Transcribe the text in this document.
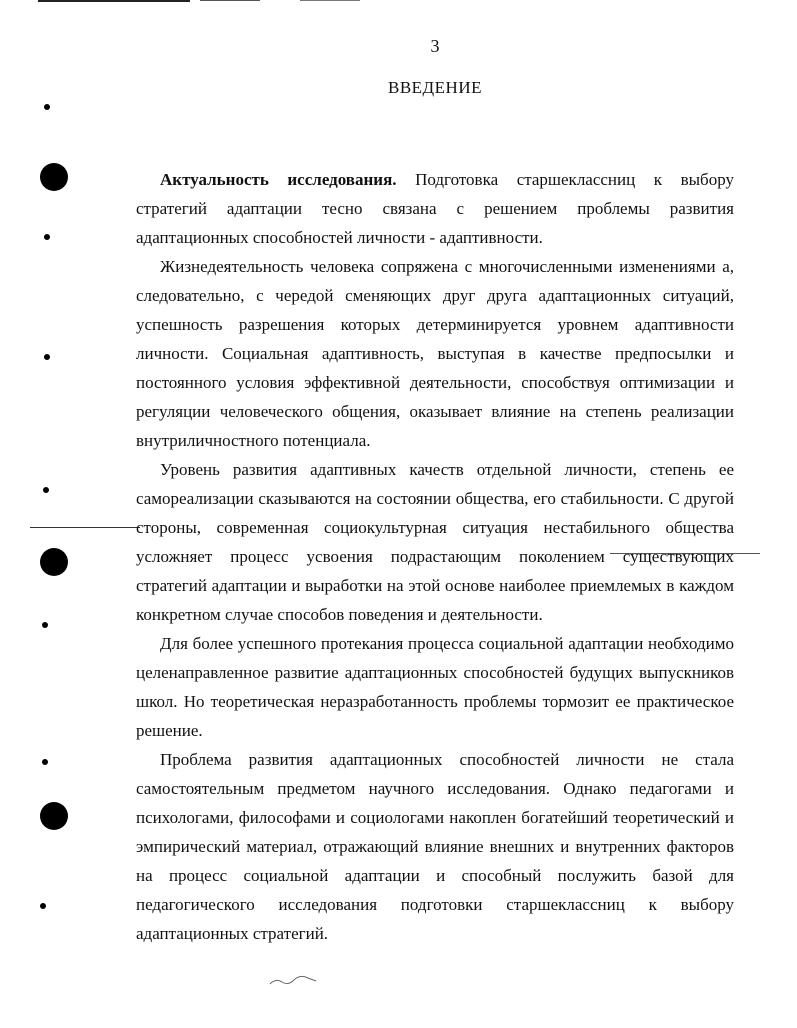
3
ВВЕДЕНИЕ

Актуальность исследования. Подготовка старшеклассниц к выбору стратегий адаптации тесно связана с решением проблемы развития адаптационных способностей личности - адаптивности.

Жизнедеятельность человека сопряжена с многочисленными изменениями а, следовательно, с чередой сменяющих друг друга адаптационных ситуаций, успешность разрешения которых детерминируется уровнем адаптивности личности. Социальная адаптивность, выступая в качестве предпосылки и постоянного условия эффективной деятельности, способствуя оптимизации и регуляции человеческого общения, оказывает влияние на степень реализации внутриличностного потенциала.

Уровень развития адаптивных качеств отдельной личности, степень ее самореализации сказываются на состоянии общества, его стабильности. С другой стороны, современная социокультурная ситуация нестабильного общества усложняет процесс усвоения подрастающим поколением существующих стратегий адаптации и выработки на этой основе наиболее приемлемых в каждом конкретном случае способов поведения и деятельности.

Для более успешного протекания процесса социальной адаптации необходимо целенаправленное развитие адаптационных способностей будущих выпускников школ. Но теоретическая неразработанность проблемы тормозит ее практическое решение.

Проблема развития адаптационных способностей личности не стала самостоятельным предметом научного исследования. Однако педагогами и психологами, философами и социологами накоплен богатейший теоретический и эмпирический материал, отражающий влияние внешних и внутренних факторов на процесс социальной адаптации и способный послужить базой для педагогического исследования подготовки старшеклассниц к выбору адаптационных стратегий.
